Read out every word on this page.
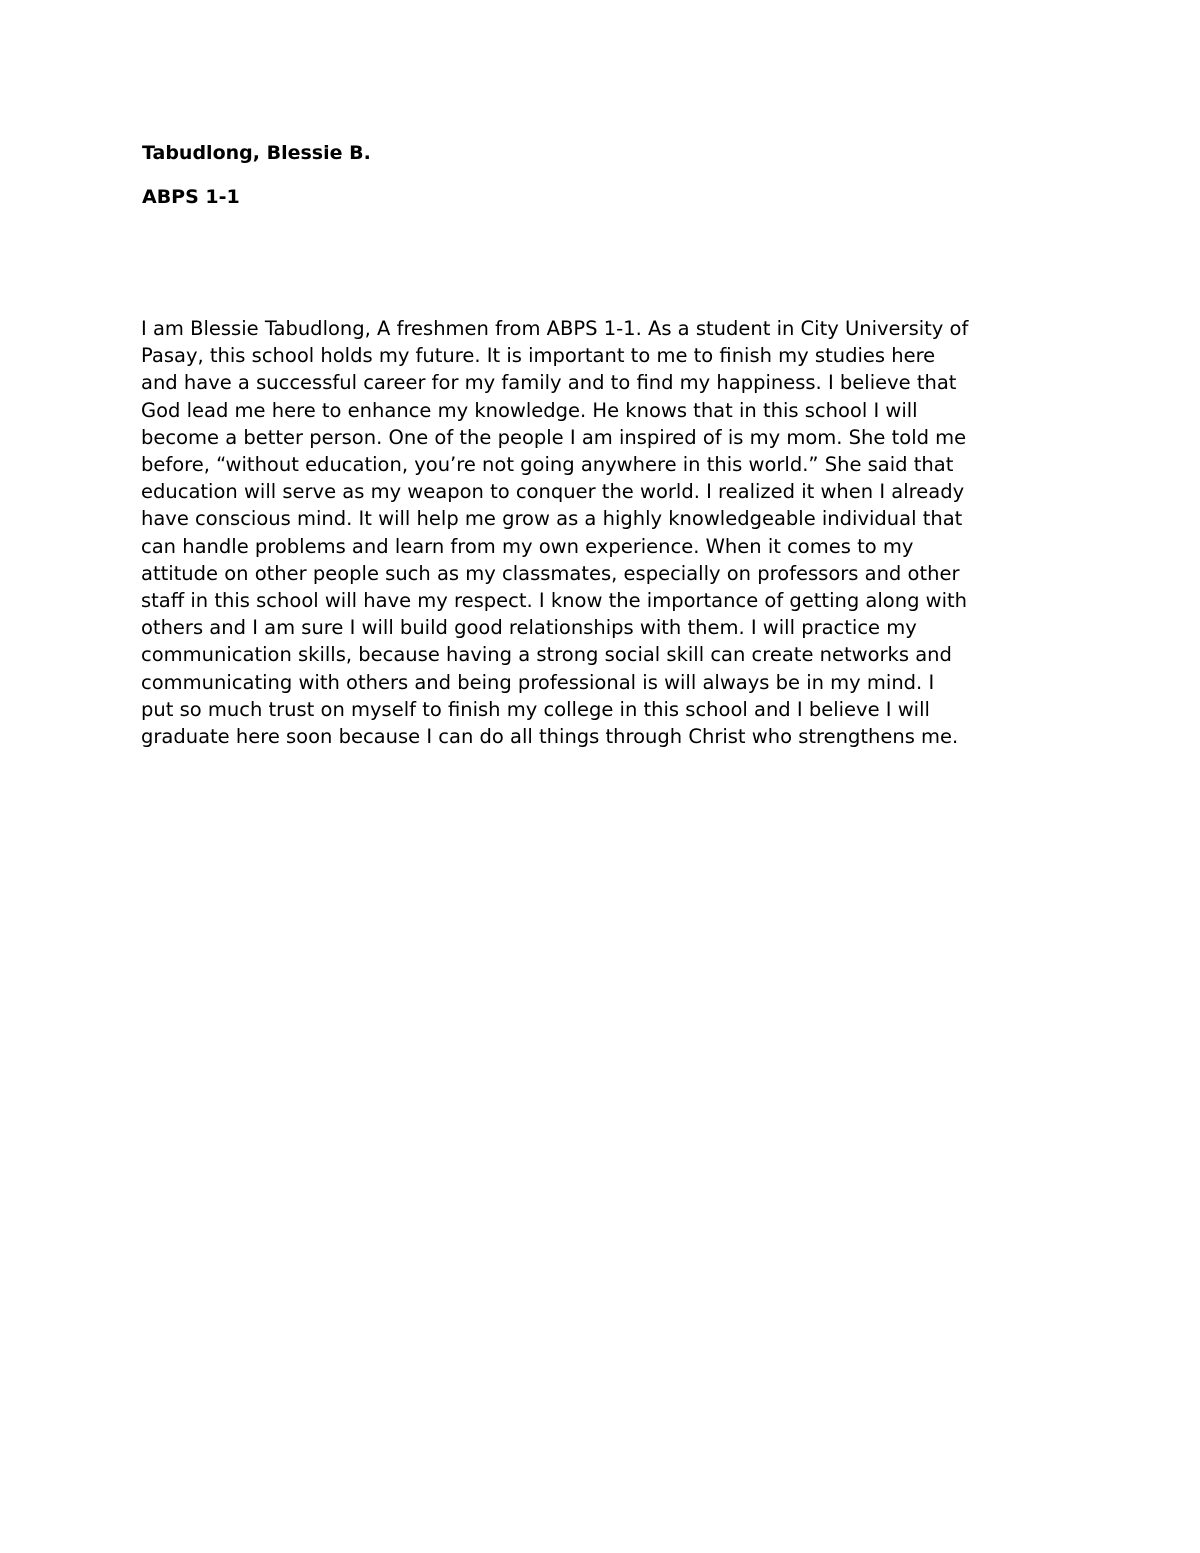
Tabudlong, Blessie B.

ABPS 1-1

I am Blessie Tabudlong, A freshmen from ABPS 1-1. As a student in City University of
Pasay, this school holds my future. It is important to me to finish my studies here
and have a successful career for my family and to find my happiness. I believe that
God lead me here to enhance my knowledge. He knows that in this school I will
become a better person. One of the people I am inspired of is my mom. She told me
before, “without education, you’re not going anywhere in this world.” She said that
education will serve as my weapon to conquer the world. I realized it when I already
have conscious mind. It will help me grow as a highly knowledgeable individual that
can handle problems and learn from my own experience. When it comes to my
attitude on other people such as my classmates, especially on professors and other
staff in this school will have my respect. I know the importance of getting along with
others and I am sure I will build good relationships with them. I will practice my
communication skills, because having a strong social skill can create networks and
communicating with others and being professional is will always be in my mind. I
put so much trust on myself to finish my college in this school and I believe I will
graduate here soon because I can do all things through Christ who strengthens me.
